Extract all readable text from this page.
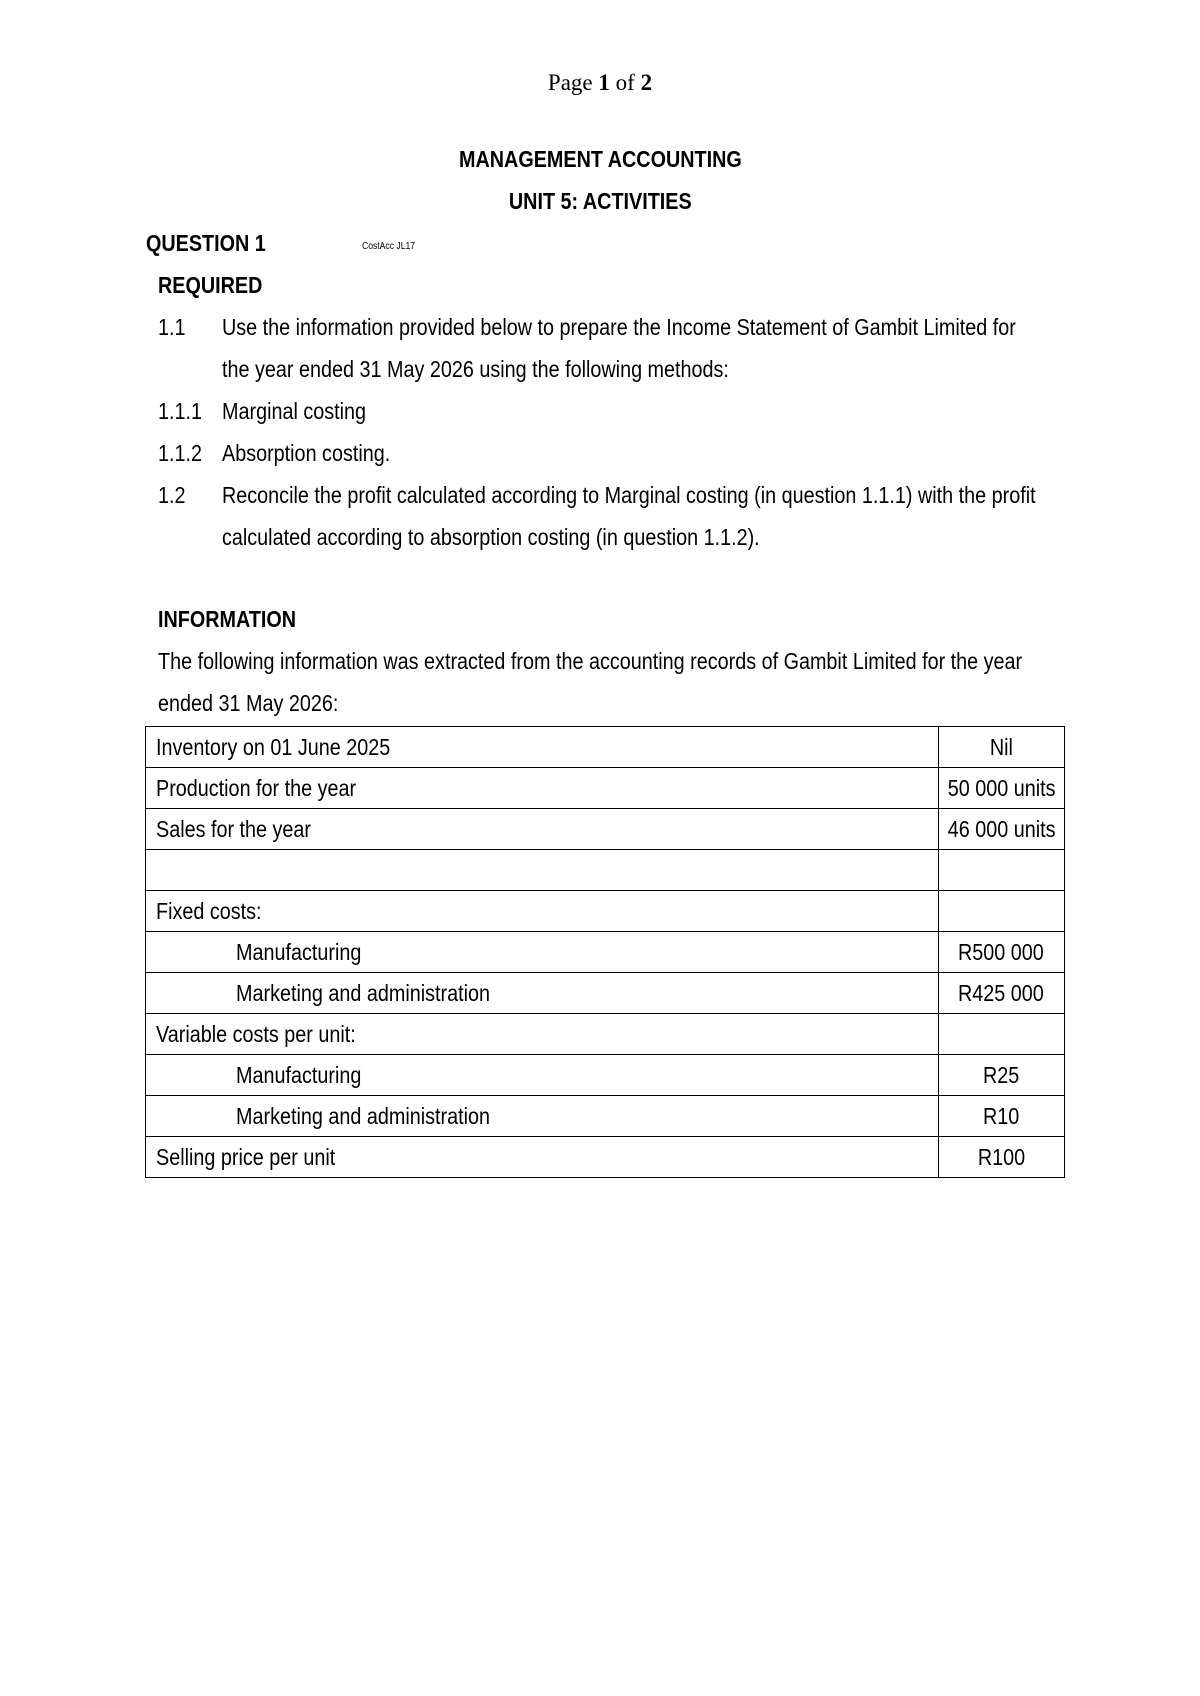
Page 1 of 2
MANAGEMENT ACCOUNTING
UNIT 5: ACTIVITIES
QUESTION 1	CostAcc JL17
REQUIRED
1.1 Use the information provided below to prepare the Income Statement of Gambit Limited for
the year ended 31 May 2026 using the following methods:
1.1.1 Marginal costing
1.1.2 Absorption costing.
1.2 Reconcile the profit calculated according to Marginal costing (in question 1.1.1) with the profit
calculated according to absorption costing (in question 1.1.2).
INFORMATION
The following information was extracted from the accounting records of Gambit Limited for the year
ended 31 May 2026:
Inventory on 01 June 2025	Nil
Production for the year	50 000 units
Sales for the year	46 000 units

Fixed costs:	
Manufacturing	R500 000
Marketing and administration	R425 000
Variable costs per unit:	
Manufacturing	R25
Marketing and administration	R10
Selling price per unit	R100
